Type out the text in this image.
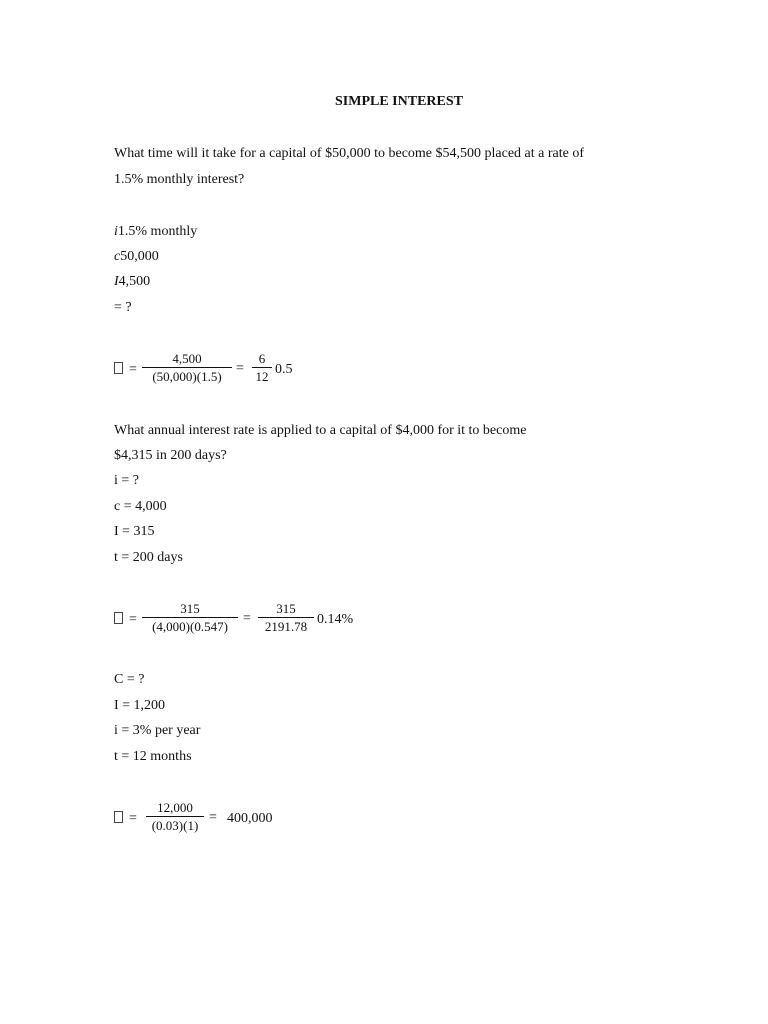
SIMPLE INTEREST
What time will it take for a capital of $50,000 to become $54,500 placed at a rate of
1.5% monthly interest?
i1.5% monthly
c50,000
I4,500
= ?
= $\frac{4,500}{(50,000)(1.5)} = \frac{6}{12} 0.5$
What annual interest rate is applied to a capital of $4,000 for it to become
$4,315 in 200 days?
i = ?
c = 4,000
I = 315
t = 200 days
= $\frac{315}{(4,000)(0.547)} = \frac{315}{2191.78} 0.14\%$
C = ?
I = 1,200
i = 3% per year
t = 12 months
= $\frac{12,000}{(0.03)(1)} = 400,000$
